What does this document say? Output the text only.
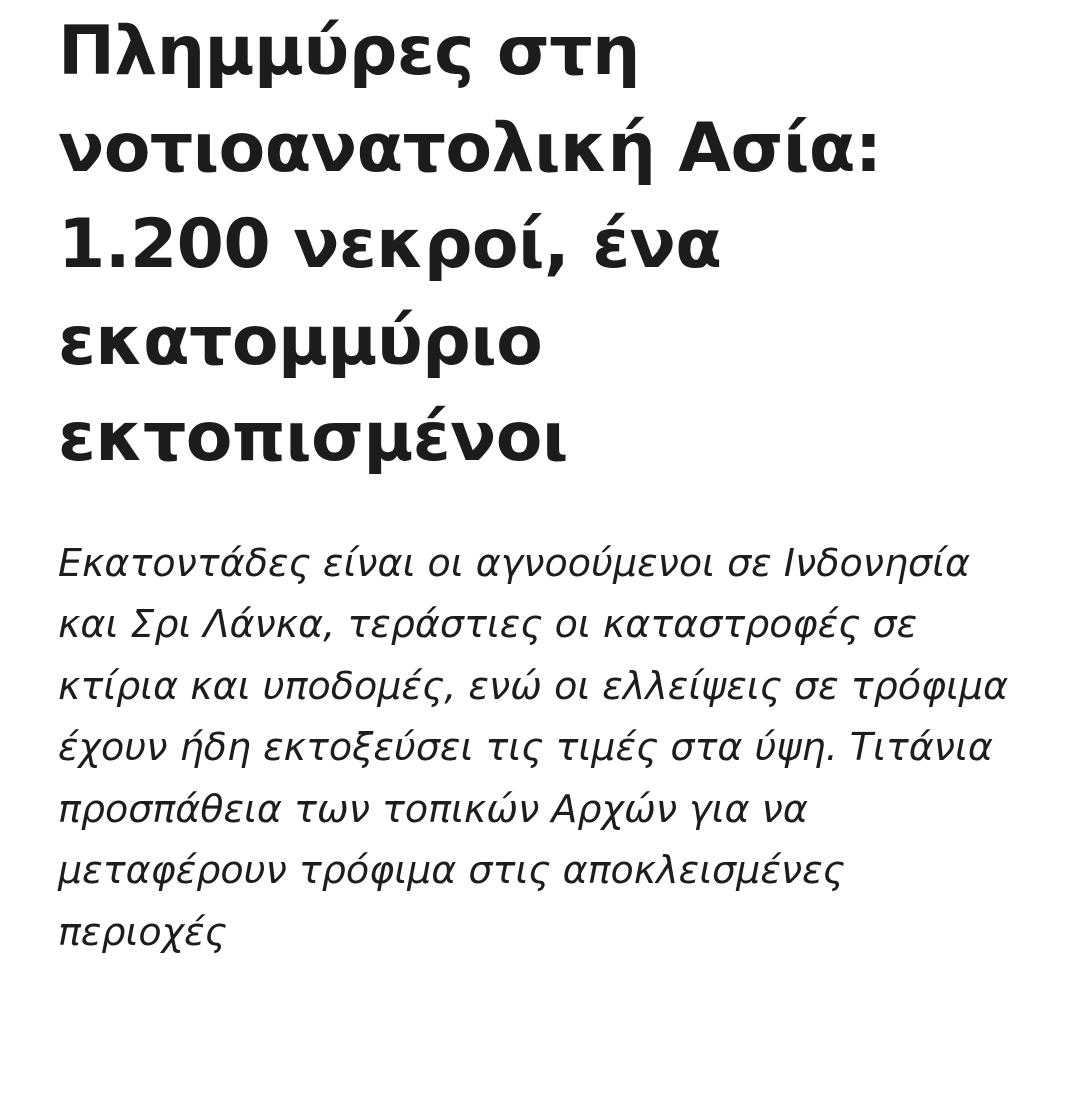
Πλημμύρες στη νοτιοανατολική Ασία: 1.200 νεκροί, ένα εκατομμύριο εκτοπισμένοι

Εκατοντάδες είναι οι αγνοούμενοι σε Ινδονησία και Σρι Λάνκα, τεράστιες οι καταστροφές σε κτίρια και υποδομές, ενώ οι ελλείψεις σε τρόφιμα έχουν ήδη εκτοξεύσει τις τιμές στα ύψη. Τιτάνια προσπάθεια των τοπικών Αρχών για να μεταφέρουν τρόφιμα στις αποκλεισμένες περιοχές
